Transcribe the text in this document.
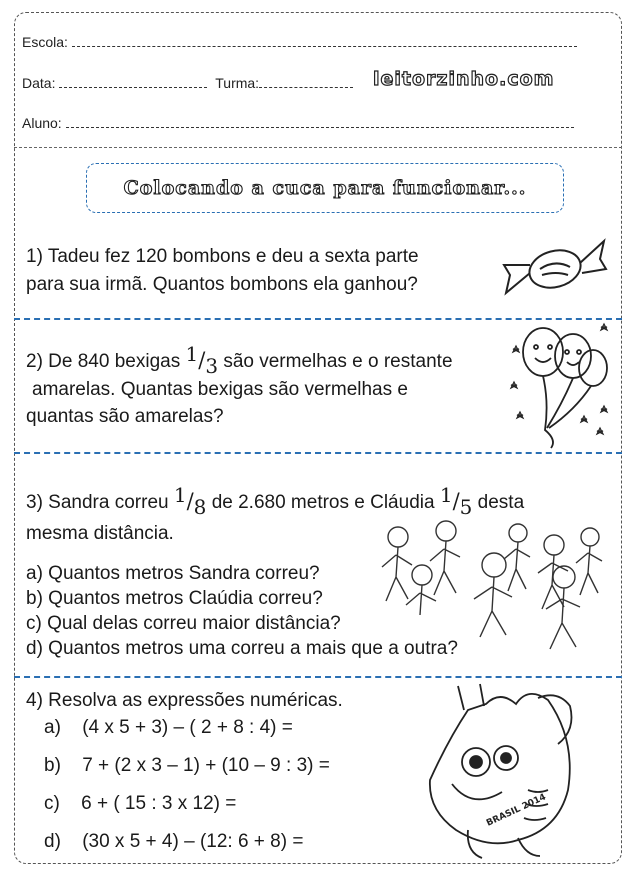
Escola:
Data:	Turma:	leitorzinho.com
Aluno:
Colocando a cuca para funcionar...
1) Tadeu fez 120 bombons e deu a sexta parte
para sua irmã. Quantos bombons ela ganhou?
2) De 840 bexigas $^1/_3$ são vermelhas e o restante
amarelas. Quantas bexigas são vermelhas e
quantas são amarelas?
3) Sandra correu $^1/_8$ de 2.680 metros e Cláudia $^1/_5$ desta
mesma distância.
a) Quantos metros Sandra correu?
b) Quantos metros Claúdia correu?
c) Qual delas correu maior distância?
d) Quantos metros uma correu a mais que a outra?
4) Resolva as expressões numéricas.
a) (4 x 5 + 3) – ( 2 + 8 : 4) =
b) 7 + (2 x 3 – 1) + (10 – 9 : 3) =
c) 6 + ( 15 : 3 x 12) =
d) (30 x 5 + 4) – (12: 6 + 8) =
BRASIL 2014
